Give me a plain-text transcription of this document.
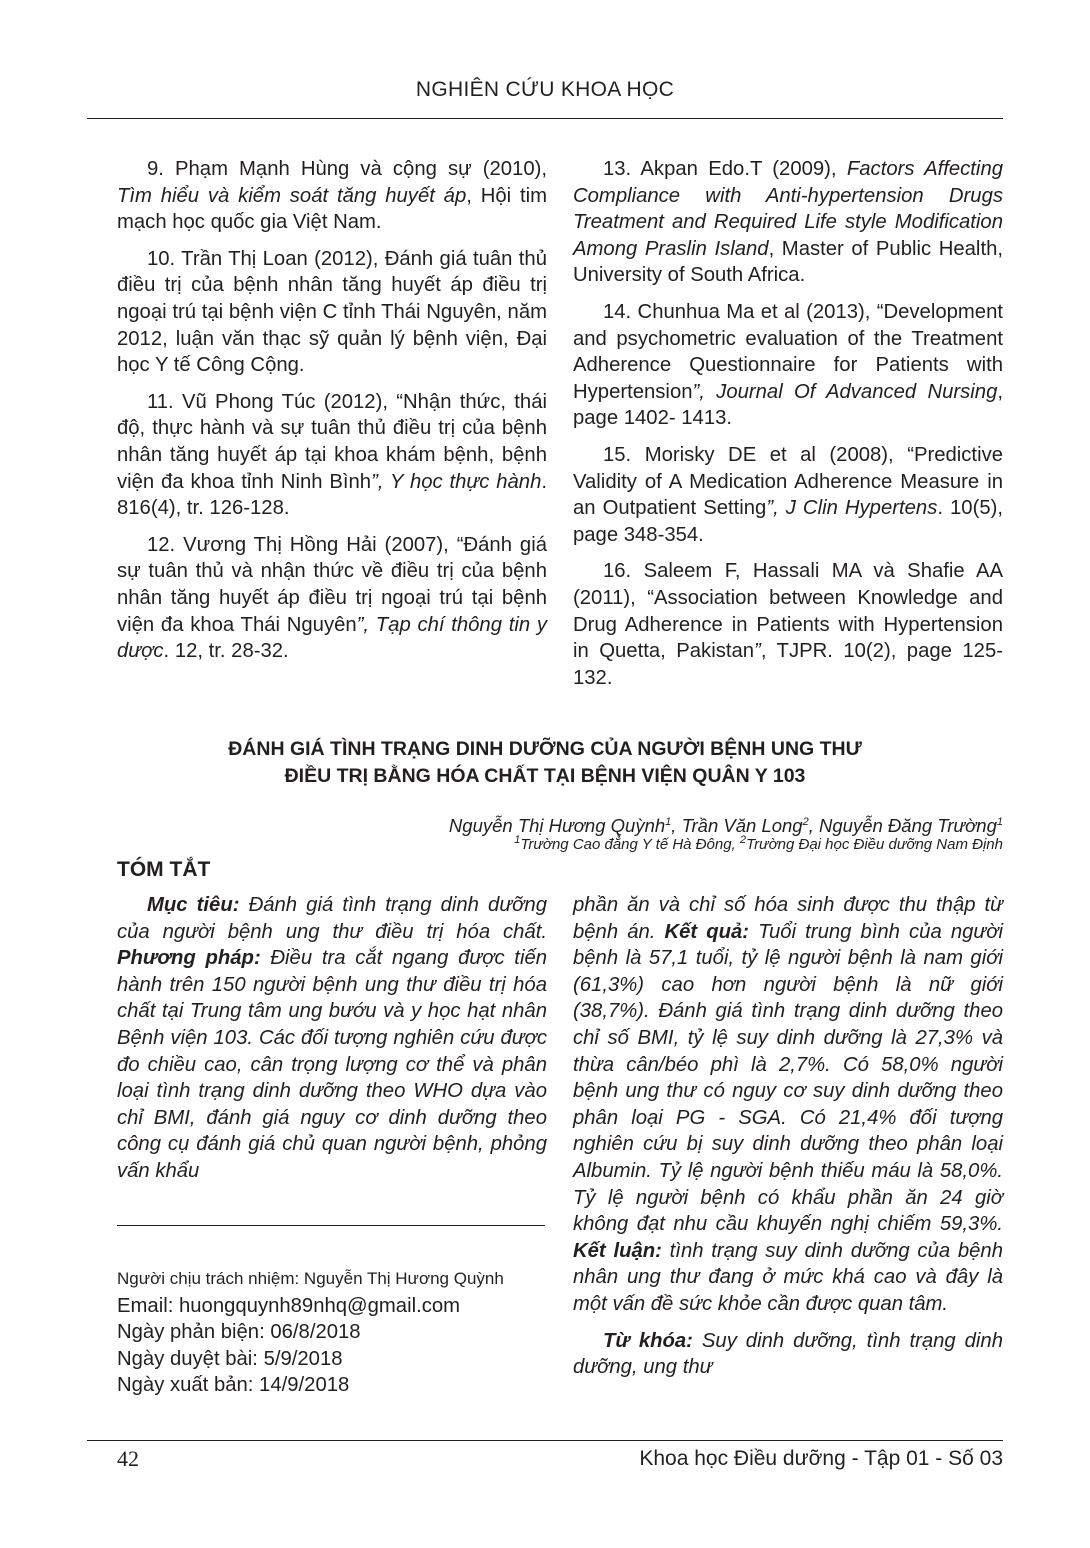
NGHIÊN CỨU KHOA HỌC

9. Phạm Mạnh Hùng và cộng sự (2010), Tìm hiểu và kiểm soát tăng huyết áp, Hội tim mạch học quốc gia Việt Nam.

10. Trần Thị Loan (2012), Đánh giá tuân thủ điều trị của bệnh nhân tăng huyết áp điều trị ngoại trú tại bệnh viện C tỉnh Thái Nguyên, năm 2012, luận văn thạc sỹ quản lý bệnh viện, Đại học Y tế Công Cộng.

11. Vũ Phong Túc (2012), “Nhận thức, thái độ, thực hành và sự tuân thủ điều trị của bệnh nhân tăng huyết áp tại khoa khám bệnh, bệnh viện đa khoa tỉnh Ninh Bình”, Y học thực hành. 816(4), tr. 126-128.

12. Vương Thị Hồng Hải (2007), “Đánh giá sự tuân thủ và nhận thức về điều trị của bệnh nhân tăng huyết áp điều trị ngoại trú tại bệnh viện đa khoa Thái Nguyên”, Tạp chí thông tin y dược. 12, tr. 28-32.

13. Akpan Edo.T (2009), Factors Affecting Compliance with Anti-hypertension Drugs Treatment and Required Life style Modification Among Praslin Island, Master of Public Health, University of South Africa.

14. Chunhua Ma et al (2013), “Development and psychometric evaluation of the Treatment Adherence Questionnaire for Patients with Hypertension”, Journal Of Advanced Nursing, page 1402- 1413.

15. Morisky DE et al (2008), “Predictive Validity of A Medication Adherence Measure in an Outpatient Setting”, J Clin Hypertens. 10(5), page 348-354.

16. Saleem F, Hassali MA và Shafie AA (2011), “Association between Knowledge and Drug Adherence in Patients with Hypertension in Quetta, Pakistan”, TJPR. 10(2), page 125-132.

ĐÁNH GIÁ TÌNH TRẠNG DINH DƯỠNG CỦA NGƯỜI BỆNH UNG THƯ
ĐIỀU TRỊ BẰNG HÓA CHẤT TẠI BỆNH VIỆN QUÂN Y 103
Nguyễn Thị Hương Quỳnh$^1$, Trần Văn Long$^2$, Nguyễn Đăng Trường$^1$
$^1$Trường Cao đẳng Y tế Hà Đông, $^2$Trường Đại học Điều dưỡng Nam Định
TÓM TẮT

Mục tiêu: Đánh giá tình trạng dinh dưỡng của người bệnh ung thư điều trị hóa chất. Phương pháp: Điều tra cắt ngang được tiến hành trên 150 người bệnh ung thư điều trị hóa chất tại Trung tâm ung bướu và y học hạt nhân Bệnh viện 103. Các đối tượng nghiên cứu được đo chiều cao, cân trọng lượng cơ thể và phân loại tình trạng dinh dưỡng theo WHO dựa vào chỉ BMI, đánh giá nguy cơ dinh dưỡng theo công cụ đánh giá chủ quan người bệnh, phỏng vấn khẩu

phần ăn và chỉ số hóa sinh được thu thập từ bệnh án. Kết quả: Tuổi trung bình của người bệnh là 57,1 tuổi, tỷ lệ người bệnh là nam giới (61,3%) cao hơn người bệnh là nữ giới (38,7%). Đánh giá tình trạng dinh dưỡng theo chỉ số BMI, tỷ lệ suy dinh dưỡng là 27,3% và thừa cân/béo phì là 2,7%. Có 58,0% người bệnh ung thư có nguy cơ suy dinh dưỡng theo phân loại PG - SGA. Có 21,4% đối tượng nghiên cứu bị suy dinh dưỡng theo phân loại Albumin. Tỷ lệ người bệnh thiếu máu là 58,0%. Tỷ lệ người bệnh có khẩu phần ăn 24 giờ không đạt nhu cầu khuyến nghị chiếm 59,3%. Kết luận: tình trạng suy dinh dưỡng của bệnh nhân ung thư đang ở mức khá cao và đây là một vấn đề sức khỏe cần được quan tâm.

Từ khóa: Suy dinh dưỡng, tình trạng dinh dưỡng, ung thư

Người chịu trách nhiệm: Nguyễn Thị Hương Quỳnh
Email: huongquynh89nhq@gmail.com
Ngày phản biện: 06/8/2018
Ngày duyệt bài: 5/9/2018
Ngày xuất bản: 14/9/2018
42	Khoa học Điều dưỡng - Tập 01 - Số 03
